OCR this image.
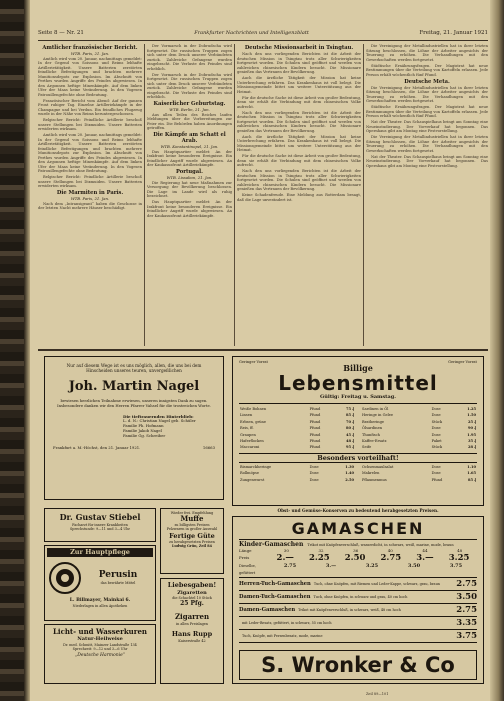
Seite 8 — Nr. 21	Frankfurter Nachrichten und Intelligenzblatt	Freitag, 21. Januar 1921
Amtlicher französischer Bericht.
WTB. Paris, 21. Jan.

Amtlich wird vom 20. Januar, nachmittags gemeldet: In der Gegend von Soissons und Reims lebhafte Artillerietätigkeit. Unsere Batterien zerstörten feindliche Befestigungen und brachten mehrere Munitionsdepots zur Explosion. Im Abschnitt von Perthes wurden Angriffe des Feindes abgewiesen. In den Argonnen heftige Minenkämpfe. Auf dem linken Ufer der Maas keine Veränderung. In den Vogesen Patrouillengefechte ohne Bedeutung.

Französischer Bericht vom Abend: Auf der ganzen Front ruhiger Tag. Einzelne Artilleriekämpfe in der Champagne und bei Verdun. Ein feindliches Flugzeug wurde in der Nähe von Reims heruntergeschossen.

Belgischer Bericht: Feindliche Artillerie beschoß unsere Stellungen bei Dixmuiden. Unsere Batterien erwiderten wirksam.

Amtlich wird vom 20. Januar, nachmittags gemeldet: In der Gegend von Soissons und Reims lebhafte Artillerietätigkeit. Unsere Batterien zerstörten feindliche Befestigungen und brachten mehrere Munitionsdepots zur Explosion. Im Abschnitt von Perthes wurden Angriffe des Feindes abgewiesen. In den Argonnen heftige Minenkämpfe. Auf dem linken Ufer der Maas keine Veränderung. In den Vogesen Patrouillengefechte ohne Bedeutung.

Belgischer Bericht: Feindliche Artillerie beschoß unsere Stellungen bei Dixmuiden. Unsere Batterien erwiderten wirksam.

Die Marmiten in Paris.
WTB. Paris, 21. Jan.

Nach dem „Intransigeant“ haben die Geschosse in der letzten Nacht mehrere Häuser beschädigt.

Der Vormarsch in der Dobrudscha wird fortgesetzt. Die russischen Truppen zogen sich unter dem Druck unserer Verbündeten zurück. Zahlreiche Gefangene wurden eingebracht. Die Verluste des Feindes sind erheblich.

Der Vormarsch in der Dobrudscha wird fortgesetzt. Die russischen Truppen zogen sich unter dem Druck unserer Verbündeten zurück. Zahlreiche Gefangene wurden eingebracht. Die Verluste des Feindes sind erheblich.

Kaiserlicher Geburtstag.
WTB. Berlin, 21. Jan.

Aus allen Teilen des Reiches laufen Meldungen über die Vorbereitungen zur Feier ein. Die Behörden haben Anordnungen getroffen.

Die Kämpfe am Schatt el Arab.
WTB. Konstantinopel, 21. Jan.

Das Hauptquartier meldet: An der Irakfront keine besonderen Ereignisse. Ein feindlicher Angriff wurde abgewiesen. An der Kaukasusfront Artilleriekämpfe.

Portugal.
WTB. Lissabon, 21. Jan.

Die Regierung hat neue Maßnahmen zur Versorgung der Bevölkerung beschlossen. Die Lage im Lande wird als ruhig bezeichnet.

Das Hauptquartier meldet: An der Irakfront keine besonderen Ereignisse. Ein feindlicher Angriff wurde abgewiesen. An der Kaukasusfront Artilleriekämpfe.

Deutsche Missionsarbeit in Tsingtau.

Nach den uns vorliegenden Berichten ist die Arbeit der deutschen Mission in Tsingtau trotz aller Schwierigkeiten fortgesetzt worden. Die Schulen sind geöffnet und werden von zahlreichen chinesischen Kindern besucht. Die Missionare genießen das Vertrauen der Bevölkerung.

Auch die ärztliche Tätigkeit der Mission hat keine Unterbrechung erfahren. Das Krankenhaus ist voll belegt. Die Missionsgemeinde bittet um weitere Unterstützung aus der Heimat.

Für die deutsche Sache ist diese Arbeit von großer Bedeutung, denn sie erhält die Verbindung mit dem chinesischen Volke aufrecht.

Nach den uns vorliegenden Berichten ist die Arbeit der deutschen Mission in Tsingtau trotz aller Schwierigkeiten fortgesetzt worden. Die Schulen sind geöffnet und werden von zahlreichen chinesischen Kindern besucht. Die Missionare genießen das Vertrauen der Bevölkerung.

Auch die ärztliche Tätigkeit der Mission hat keine Unterbrechung erfahren. Das Krankenhaus ist voll belegt. Die Missionsgemeinde bittet um weitere Unterstützung aus der Heimat.

Für die deutsche Sache ist diese Arbeit von großer Bedeutung, denn sie erhält die Verbindung mit dem chinesischen Volke aufrecht.

Nach den uns vorliegenden Berichten ist die Arbeit der deutschen Mission in Tsingtau trotz aller Schwierigkeiten fortgesetzt worden. Die Schulen sind geöffnet und werden von zahlreichen chinesischen Kindern besucht. Die Missionare genießen das Vertrauen der Bevölkerung.

Keine Schadenfreude. Eine Meldung aus Rotterdam besagt, daß die Lage unverändert ist.

Die Vereinigung der Metallindustriellen hat in ihrer letzten Sitzung beschlossen, die Löhne der Arbeiter angesichts der Teuerung zu erhöhen. Die Verhandlungen mit den Gewerkschaften werden fortgesetzt.

Städtische Ernährungsfragen. Der Magistrat hat neue Bestimmungen über die Verteilung von Kartoffeln erlassen. Jede Person erhält wöchentlich fünf Pfund.

Deutsche Meta.

Die Vereinigung der Metallindustriellen hat in ihrer letzten Sitzung beschlossen, die Löhne der Arbeiter angesichts der Teuerung zu erhöhen. Die Verhandlungen mit den Gewerkschaften werden fortgesetzt.

Städtische Ernährungsfragen. Der Magistrat hat neue Bestimmungen über die Verteilung von Kartoffeln erlassen. Jede Person erhält wöchentlich fünf Pfund.

Nat der Theater. Das Schauspielhaus bringt am Sonntag eine Neueinstudierung. Der Vorverkauf hat begonnen. Das Opernhaus gibt am Montag eine Festvorstellung.

Die Vereinigung der Metallindustriellen hat in ihrer letzten Sitzung beschlossen, die Löhne der Arbeiter angesichts der Teuerung zu erhöhen. Die Verhandlungen mit den Gewerkschaften werden fortgesetzt.

Nat der Theater. Das Schauspielhaus bringt am Sonntag eine Neueinstudierung. Der Vorverkauf hat begonnen. Das Opernhaus gibt am Montag eine Festvorstellung.

Nur auf diesem Wege ist es uns möglich, allen, die uns bei dem Hinscheiden unseres teuren, unvergeßlichen
Joh. Martin Nagel
bewiesen herzlichen Teilnahme erwiesen, unseren innigsten Dank zu sagen. Insbesondere danken wir den Herren Pfarrer Vahsel für die trostreichen Worte.
Die tieftrauernden Hinterblieb:
L. d. N.: Christian Nagel geb. Schüler
Familie Ph. Hofmann
Familie Jakob Nagel
Familie Gg. Schreiber
Frankfurt a. M.-Höchst, den 21. Januar 1921.	16663
Dr. Gustav Stiebel
Facharzt für innere Krankheiten
Sprechstunde: 9—11 und 3—4 Uhr
Zur Hauptpflege
Perusin
das bewährte Mittel
L. Billmayer, Mainkai 6.
Niederlagen in allen Apotheken
Licht- und Wasserkuren
Natur-Heilweise
Dr. med. Schmitt, Mainzer Landstraße 134
Sprechzeit: 9—12 und 3—6 Uhr
„Deutsche Harmonie“
Wieder frei. Empfehlung
Muffe
zu billigsten Preisen
Pelzwaren in großer Auswahl
Fertige Güte
zu herabgesetzten Preisen
Ludwig Grün, Zeil 84
Liebesgaben!
Zigaretten
die Schachtel 10 Stück
25 Pfg.
Zigarren
in allen Preislagen
Hans Rupp
Kaiserstraße 42
Geringer Vorrat	Geringer Vorrat
Billige
Lebensmittel
Gültig: Freitag u. Samstag.
Weiße Bohnen	Pfund	75 ₰
Linsen	Pfund	85 ₰
Erbsen, grüne	Pfund	70 ₰
Reis, ff.	Pfund	80 ₰
Graupen	Pfund	45 ₰
Haferflocken	Pfund	48 ₰
Maccaroni	Pfund	95 ₰
Sardinen in Öl	Dose	1.25
Heringe in Gelee	Dose	1.50
Bratheringe	Stück	25 ₰
Ölsardinen	Dose	90 ₰
Thunfisch	Dose	1.95
Kaffee-Ersatz	Paket	35 ₰
Seife	Stück	28 ₰
Besonders vorteilhaft!
Bismarckheringe	Dose	1.30
Rollmöpse	Dose	1.40
Zungenwurst	Dose	2.50
Ochsenmaulsalat	Dose	1.10
Makrelen	Dose	1.65
Pflaumenmus	Pfund	85 ₰
Obst- und Gemüse-Konserven zu bedeutend herabgesetzten Preisen.
GAMASCHEN
Kinder-Gamaschen Trikot mit Knöpfenverschluß, wasserdicht, in schwarz, weiß, marine, mode, braun
Länge	30	32	36	40	44	48
Preis	2.— 2.25 2.50 2.75 3.— 3.25
Dieselbe, gefüttert
2.75	3.—	3.25	3.50	3.75
Herren-Tuch-Gamaschen Tuch, ohne Knöpfen, mit Riemen und Leder-Kappe, schwarz, grau, braun	2.75
Damen-Tuch-Gamaschen Tuch, ohne Knöpfen, in schwarz und grau, 40 cm hoch	3.50
Damen-Gamaschen Trikot mit Knöpfenverschluß, in schwarz, weiß, 48 cm hoch	2.75
mit Leder-Besatz, gefüttert, in schwarz, 55 cm hoch	3.35
Tuch, Knöpfe, mit Fersenbesatz, mode, marine	3.75
S. Wronker & Co
Zeil 89—101
